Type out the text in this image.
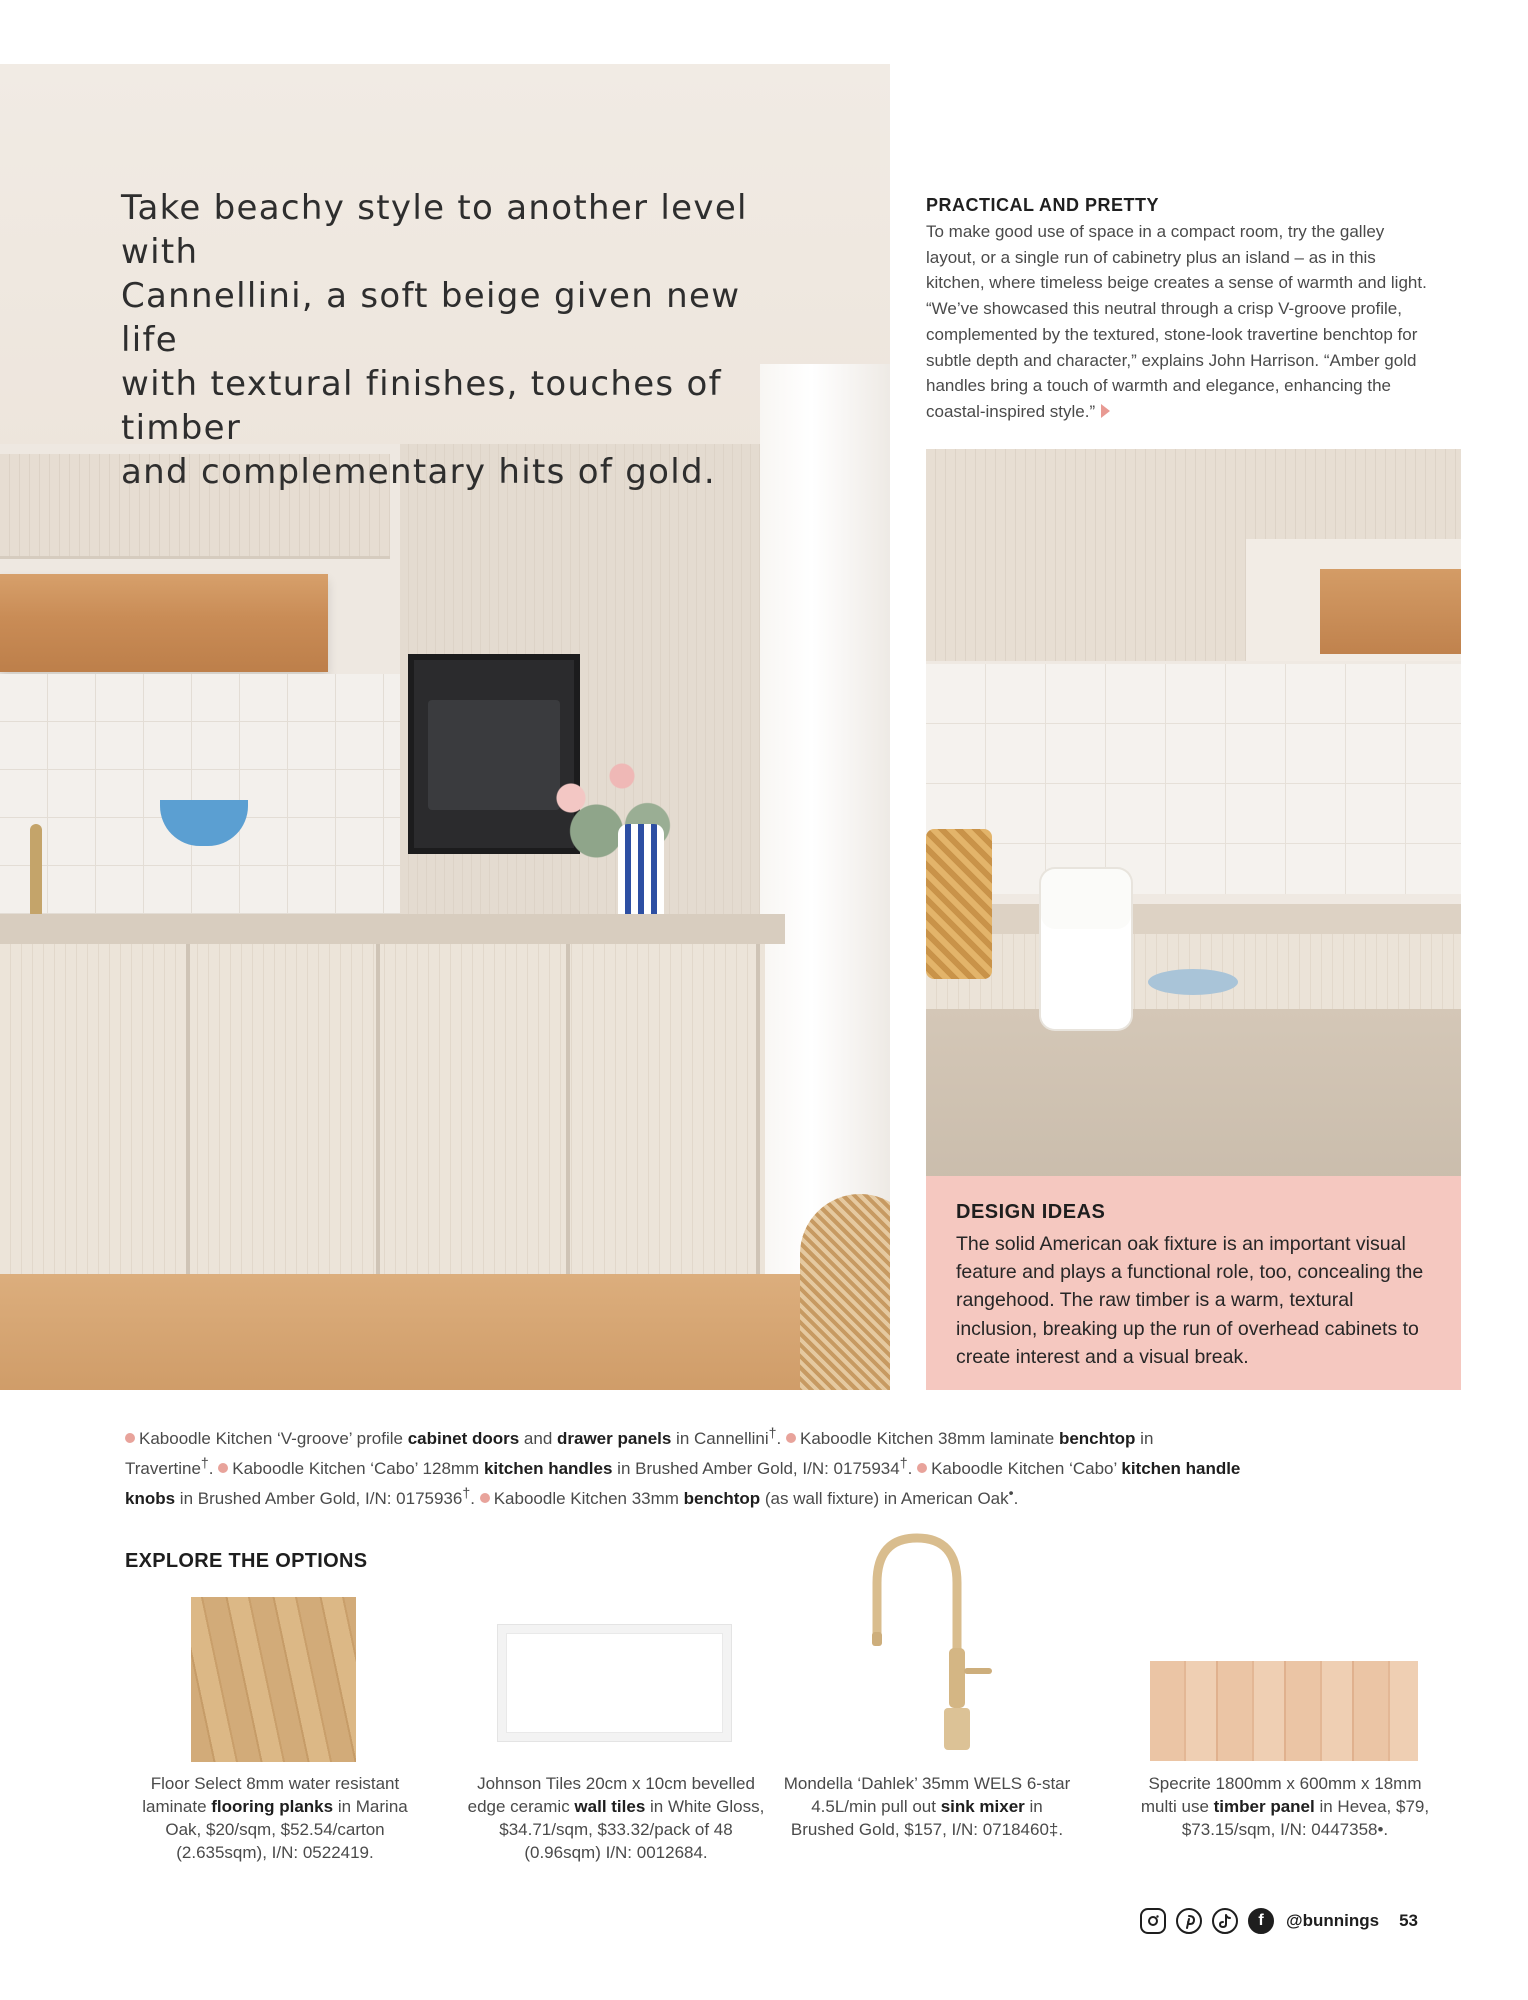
Take beachy style to another level with
Cannellini, a soft beige given new life
with textural finishes, touches of timber
and complementary hits of gold.
PRACTICAL AND PRETTY
To make good use of space in a compact room, try the galley layout, or a single run of cabinetry plus an island – as in this kitchen, where timeless beige creates a sense of warmth and light. “We’ve showcased this neutral through a crisp V-groove profile, complemented by the textured, stone-look travertine benchtop for subtle depth and character,” explains John Harrison. “Amber gold handles bring a touch of warmth and elegance, enhancing the coastal-inspired style.”
DESIGN IDEAS
The solid American oak fixture is an important visual feature and plays a functional role, too, concealing the rangehood. The raw timber is a warm, textural inclusion, breaking up the run of overhead cabinets to create interest and a visual break.
Kaboodle Kitchen ‘V-groove’ profile cabinet doors and drawer panels in Cannellini†. Kaboodle Kitchen 38mm laminate benchtop in Travertine†. Kaboodle Kitchen ‘Cabo’ 128mm kitchen handles in Brushed Amber Gold, I/N: 0175934†. Kaboodle Kitchen ‘Cabo’ kitchen handle knobs in Brushed Amber Gold, I/N: 0175936†. Kaboodle Kitchen 33mm benchtop (as wall fixture) in American Oak•.
EXPLORE THE OPTIONS
Floor Select 8mm water resistant laminate flooring planks in Marina Oak, $20/sqm, $52.54/carton (2.635sqm), I/N: 0522419.
Johnson Tiles 20cm x 10cm bevelled edge ceramic wall tiles in White Gloss, $34.71/sqm, $33.32/pack of 48 (0.96sqm) I/N: 0012684.
Mondella ‘Dahlek’ 35mm WELS 6-star 4.5L/min pull out sink mixer in Brushed Gold, $157, I/N: 0718460‡.
Specrite 1800mm x 600mm x 18mm multi use timber panel in Hevea, $79, $73.15/sqm, I/N: 0447358•.
f	@bunnings 53
